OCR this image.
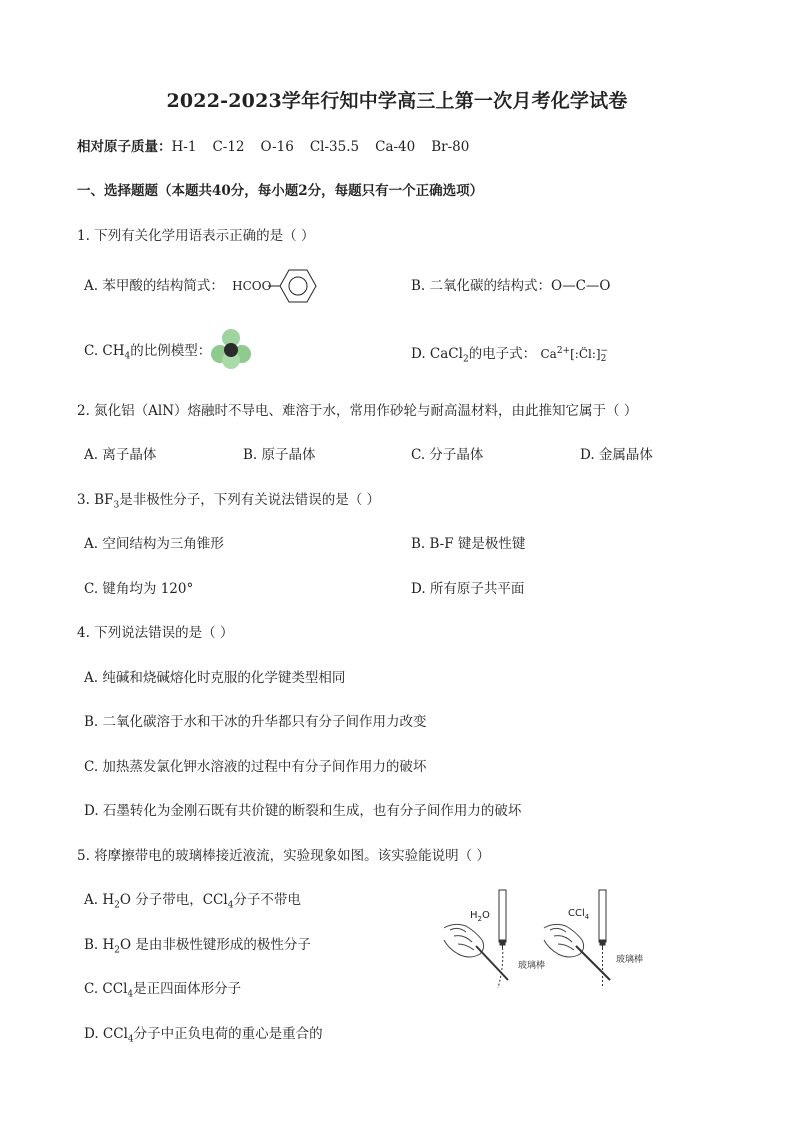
2022-2023学年行知中学高三上第一次月考化学试卷
相对原子质量：H-1 C-12 O-16 Cl-35.5 Ca-40 Br-80
一、选择题题（本题共40分，每小题2分，每题只有一个正确选项）
1. 下列有关化学用语表示正确的是（ ）
A. 苯甲酸的结构简式： HCOO	B. 二氧化碳的结构式：O—C—O
C. $CH_4$的比例模型：	D. CaCl$_2$的电子式： $Ca^{2+}[:C̈l:]$ −
2
2. 氮化铝（AlN）熔融时不导电、难溶于水，常用作砂轮与耐高温材料，由此推知它属于（ ）
A. 离子晶体	B. 原子晶体	C. 分子晶体	D. 金属晶体
3. $BF_3$是非极性分子，下列有关说法错误的是（ ）
A. 空间结构为三角锥形	B. B-F 键是极性键
C. 键角均为 120°	D. 所有原子共平面
4. 下列说法错误的是（ ）
A. 纯碱和烧碱熔化时克服的化学键类型相同
B. 二氧化碳溶于水和干冰的升华都只有分子间作用力改变
C. 加热蒸发氯化钾水溶液的过程中有分子间作用力的破坏
D. 石墨转化为金刚石既有共价键的断裂和生成，也有分子间作用力的破坏
5. 将摩擦带电的玻璃棒接近液流，实验现象如图。该实验能说明（ ）
A. $H_2O$ 分子带电，CCl$_4$分子不带电
B. $H_2O$ 是由非极性键形成的极性分子
C. CCl$_4$是正四面体形分子
D. CCl$_4$分子中正负电荷的重心是重合的
$H_2O$
玻璃棒
CCl$_4$
玻璃棒
